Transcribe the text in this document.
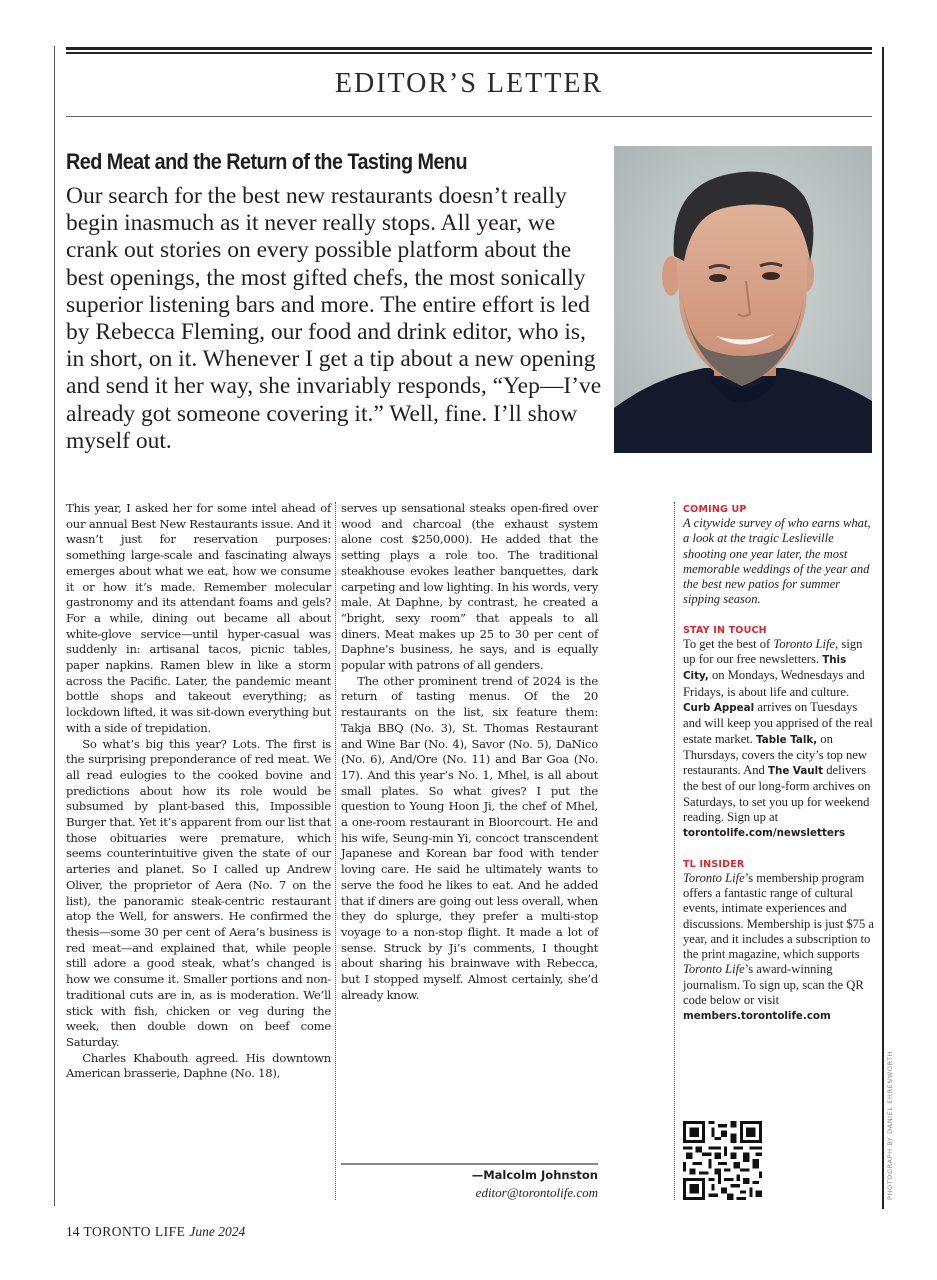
EDITOR’S LETTER
Red Meat and the Return of the Tasting Menu

Our search for the best new restaurants doesn’t really begin inasmuch as it never really stops. All year, we crank out stories on every possible platform about the best openings, the most gifted chefs, the most sonically superior listening bars and more. The entire effort is led by Rebecca Fleming, our food and drink editor, who is, in short, on it. Whenever I get a tip about a new opening and send it her way, she invariably responds, “Yep—I’ve already got someone covering it.” Well, fine. I’ll show myself out.

This year, I asked her for some intel ahead of our annual Best New Restaurants issue. And it wasn’t just for reservation purposes: something large-scale and fascinating always emerges about what we eat, how we consume it or how it’s made. Remember molecular gastronomy and its attendant foams and gels? For a while, dining out became all about white-glove service—until hyper-casual was suddenly in: artisanal tacos, picnic tables, paper napkins. Ramen blew in like a storm across the Pacific. Later, the pandemic meant bottle shops and takeout everything; as lockdown lifted, it was sit-down everything but with a side of trepidation.

So what’s big this year? Lots. The first is the surprising preponderance of red meat. We all read eulogies to the cooked bovine and predictions about how its role would be subsumed by plant-based this, Impossible Burger that. Yet it’s apparent from our list that those obituaries were premature, which seems counterintuitive given the state of our arteries and planet. So I called up Andrew Oliver, the proprietor of Aera (No. 7 on the list), the panoramic steak-centric restaurant atop the Well, for answers. He confirmed the thesis—some 30 per cent of Aera’s business is red meat—and explained that, while people still adore a good steak, what’s changed is how we consume it. Smaller portions and non-traditional cuts are in, as is moderation. We’ll stick with fish, chicken or veg during the week, then double down on beef come Saturday.

Charles Khabouth agreed. His downtown American brasserie, Daphne (No. 18),

serves up sensational steaks open-fired over wood and charcoal (the exhaust system alone cost $250,000). He added that the setting plays a role too. The traditional steakhouse evokes leather banquettes, dark carpeting and low lighting. In his words, very male. At Daphne, by contrast, he created a “bright, sexy room” that appeals to all diners. Meat makes up 25 to 30 per cent of Daphne’s business, he says, and is equally popular with patrons of all genders.

The other prominent trend of 2024 is the return of tasting menus. Of the 20 restaurants on the list, six feature them: Takja BBQ (No. 3), St. Thomas Restaurant and Wine Bar (No. 4), Savor (No. 5), DaNico (No. 6), And/Ore (No. 11) and Bar Goa (No. 17). And this year’s No. 1, Mhel, is all about small plates. So what gives? I put the question to Young Hoon Ji, the chef of Mhel, a one-room restaurant in Bloorcourt. He and his wife, Seung-min Yi, concoct transcendent Japanese and Korean bar food with tender loving care. He said he ultimately wants to serve the food he likes to eat. And he added that if diners are going out less overall, when they do splurge, they prefer a multi-stop voyage to a non-stop flight. It made a lot of sense. Struck by Ji’s comments, I thought about sharing his brainwave with Rebecca, but I stopped myself. Almost certainly, she’d already know.

—Malcolm Johnston
editor@torontolife.com

COMING UP

A citywide survey of who earns what, a look at the tragic Leslieville shooting one year later, the most memorable weddings of the year and the best new patios for summer sipping season.

STAY IN TOUCH

To get the best of Toronto Life, sign up for our free newsletters. This City, on Mondays, Wednesdays and Fridays, is about life and culture. Curb Appeal arrives on Tuesdays and will keep you apprised of the real estate market. Table Talk, on Thursdays, covers the city’s top new restaurants. And The Vault delivers the best of our long-form archives on Saturdays, to set you up for weekend reading. Sign up at torontolife.com/newsletters

TL INSIDER

Toronto Life’s membership program offers a fantastic range of cultural events, intimate experiences and discussions. Membership is just $75 a year, and it includes a subscription to the print magazine, which supports Toronto Life’s award-winning journalism. To sign up, scan the QR code below or visit members.torontolife.com

PHOTOGRAPH BY DANIEL EHRENWORTH
14 TORONTO LIFE June 2024
